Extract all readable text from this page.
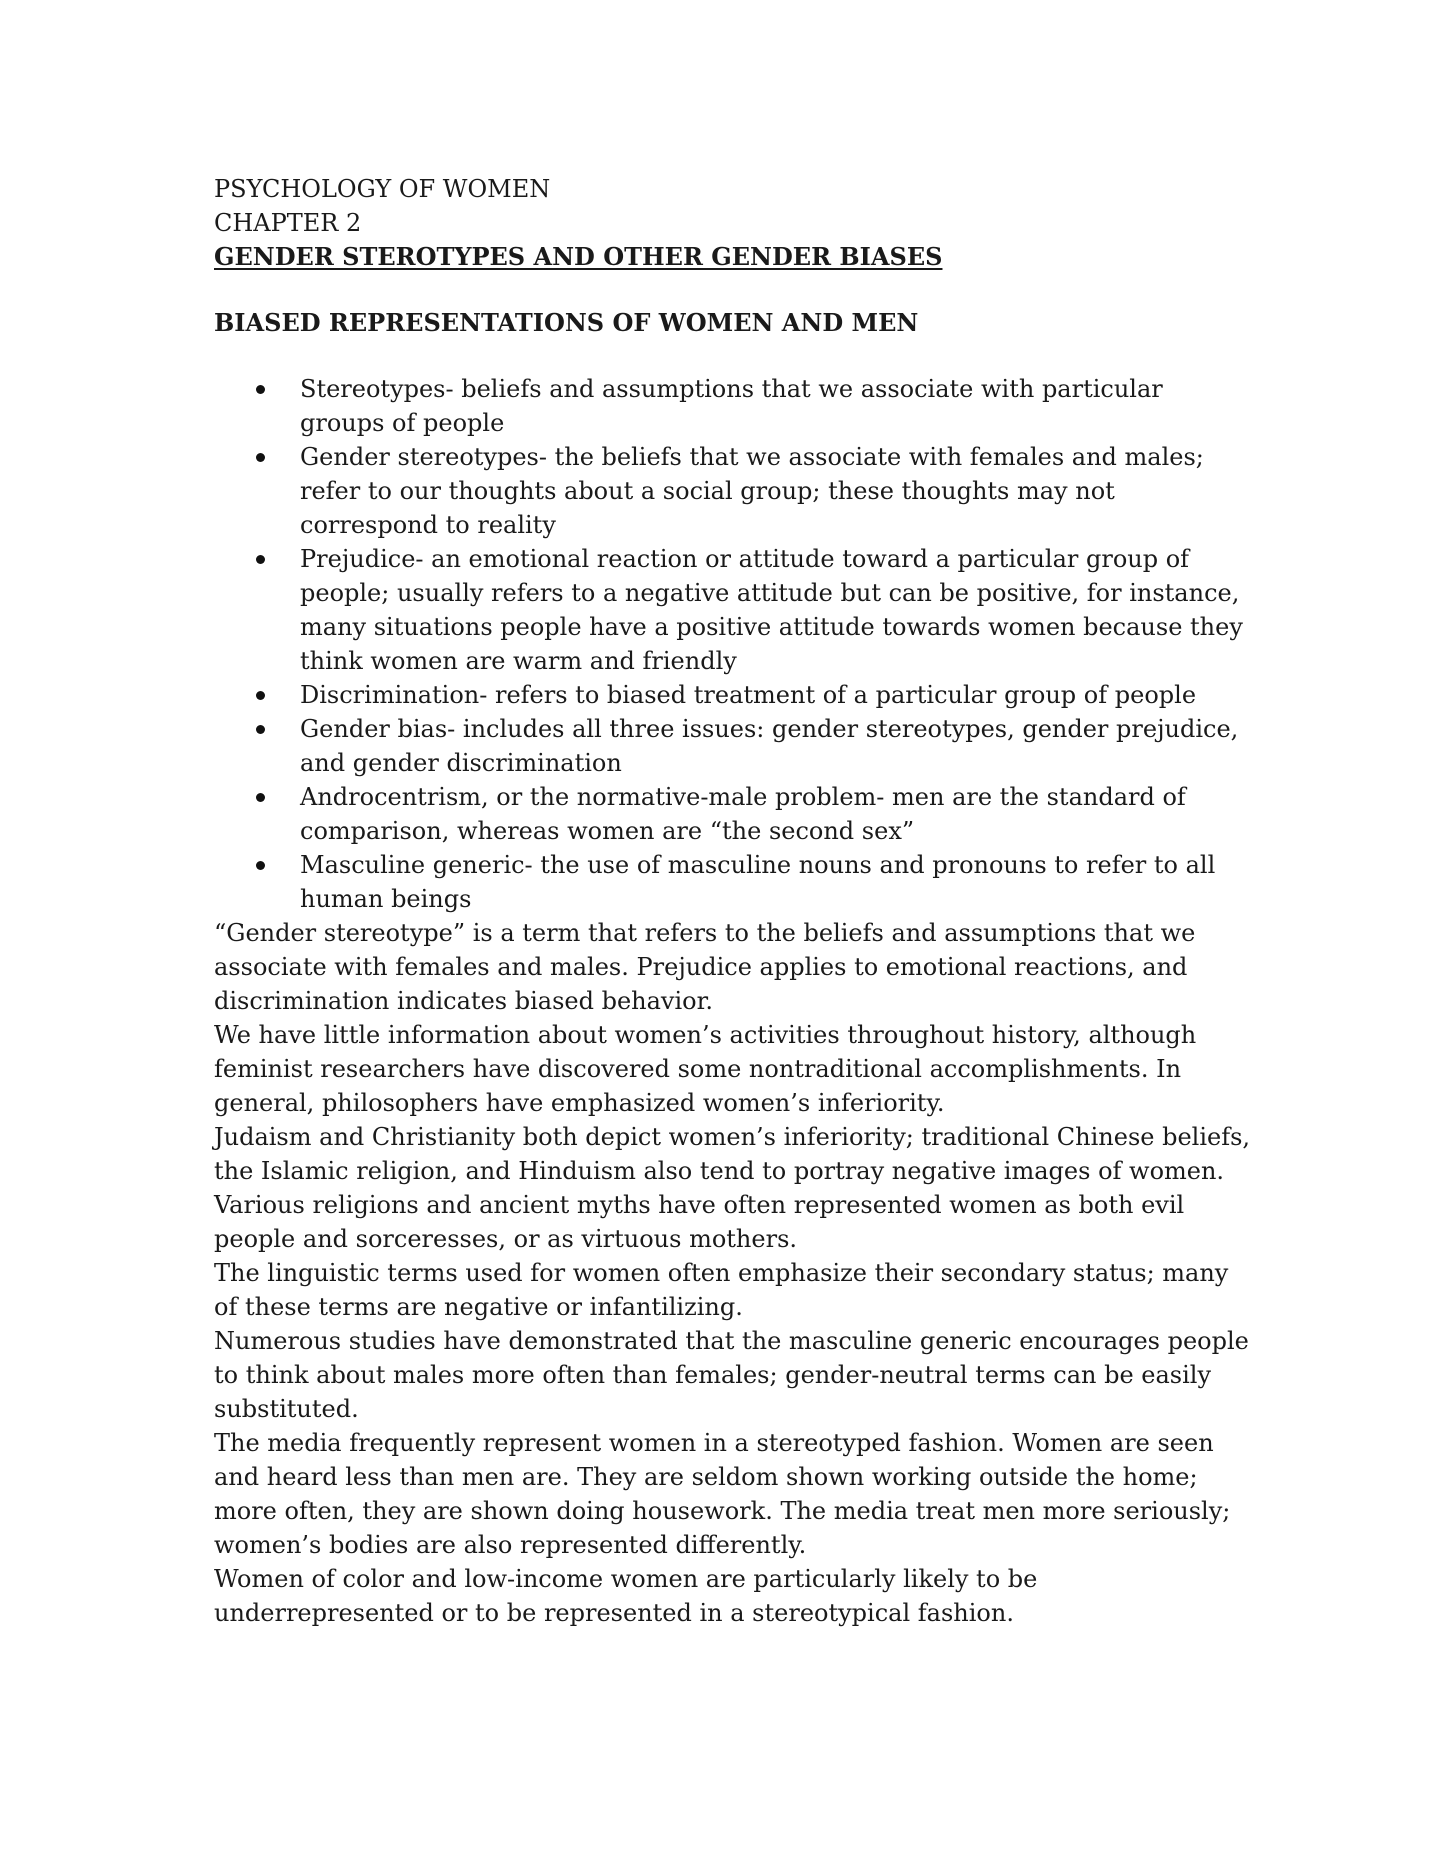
PSYCHOLOGY OF WOMEN

CHAPTER 2

GENDER STEROTYPES AND OTHER GENDER BIASES

BIASED REPRESENTATIONS OF WOMEN AND MEN

Stereotypes- beliefs and assumptions that we associate with particular

groups of people

Gender stereotypes- the beliefs that we associate with females and males;

refer to our thoughts about a social group; these thoughts may not

correspond to reality

Prejudice- an emotional reaction or attitude toward a particular group of

people; usually refers to a negative attitude but can be positive, for instance,

many situations people have a positive attitude towards women because they

think women are warm and friendly

Discrimination- refers to biased treatment of a particular group of people

Gender bias- includes all three issues: gender stereotypes, gender prejudice,

and gender discrimination

Androcentrism, or the normative-male problem- men are the standard of

comparison, whereas women are “the second sex”

Masculine generic- the use of masculine nouns and pronouns to refer to all

human beings

“Gender stereotype” is a term that refers to the beliefs and assumptions that we

associate with females and males. Prejudice applies to emotional reactions, and

discrimination indicates biased behavior.

We have little information about women’s activities throughout history, although

feminist researchers have discovered some nontraditional accomplishments. In

general, philosophers have emphasized women’s inferiority.

Judaism and Christianity both depict women’s inferiority; traditional Chinese beliefs,

the Islamic religion, and Hinduism also tend to portray negative images of women.

Various religions and ancient myths have often represented women as both evil

people and sorceresses, or as virtuous mothers.

The linguistic terms used for women often emphasize their secondary status; many

of these terms are negative or infantilizing.

Numerous studies have demonstrated that the masculine generic encourages people

to think about males more often than females; gender-neutral terms can be easily

substituted.

The media frequently represent women in a stereotyped fashion. Women are seen

and heard less than men are. They are seldom shown working outside the home;

more often, they are shown doing housework. The media treat men more seriously;

women’s bodies are also represented differently.

Women of color and low-income women are particularly likely to be

underrepresented or to be represented in a stereotypical fashion.
